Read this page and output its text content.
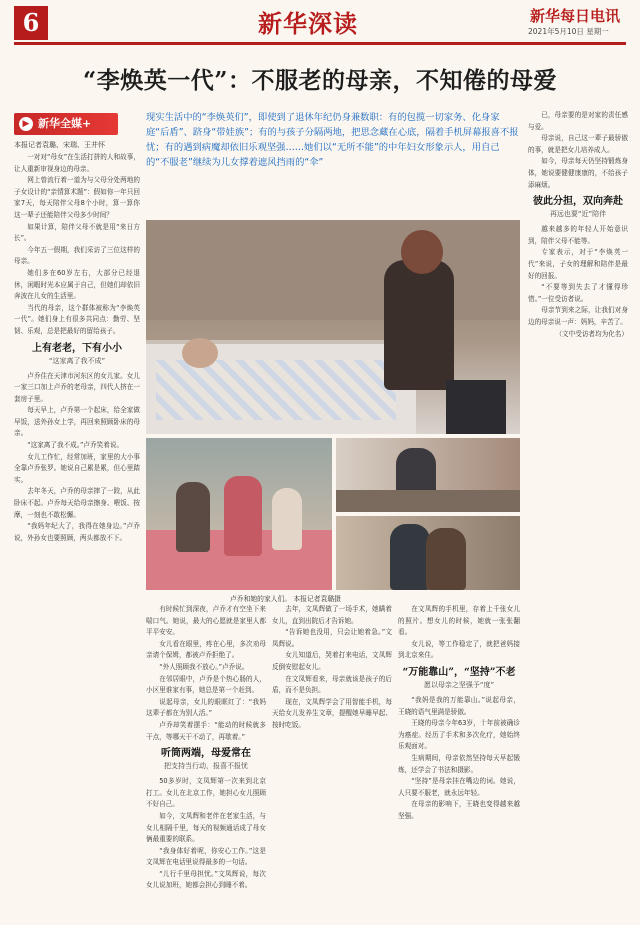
6	新华深读	新华每日电讯
2021年5月10日 星期一
“李焕英一代”：不服老的母亲，不知倦的母爱
▶ 新华全媒+
本报记者袁璐、宋瑞、王井怀
现实生活中的“李焕英们”，即使到了退休年纪仍身兼数职：有的包揽一切家务、化身家庭“后盾”、跻身“带娃族”；有的与孩子分隔两地，把思念藏在心底，隔着手机屏幕报喜不报忧；有的遇到病魔却依旧乐观坚强……她们以“无所不能”的中年妇女形象示人，用自己的“不服老”继续为儿女撑着遮风挡雨的“伞”
卢乔和她的家人们。 本报记者袁璐摄

一对对“母女”在生活打拼的人和故事，让人重新审视身边的母亲。

网上曾流行着一道为与父母分处两地的子女设计的“亲情算术题”：假如你一年只回家7天，每天陪伴父母8个小时，算一算你这一辈子还能陪伴父母多少时间？

如果计算，陪伴父母不就是用“来日方长”。

今年五一假期，我们采访了三位这样的母亲。

她们多在60岁左右，大部分已经退休，闲暇时光本应属于自己，但她们却依旧奔波在儿女的生活里。

当代的母亲，这个群体被称为“李焕英一代”。她们身上有很多共同点：勤劳、坚韧、乐观，总是把最好的留给孩子。

上有老老，下有小小

“这家离了我不成”

卢乔住在天津市河东区的女儿家。女儿一家三口加上卢乔的老母亲，四代人挤在一套房子里。

每天早上，卢乔第一个起床，给全家做早饭，送外孙女上学，再回来照顾卧床的母亲。

“这家离了我不成。”卢乔笑着说。

女儿工作忙，经常加班，家里的大小事全靠卢乔张罗。她说自己累是累，但心里踏实。

去年冬天，卢乔的母亲摔了一跤，从此卧床不起。卢乔每天给母亲擦身、喂饭、按摩，一刻也不敢松懈。

“我妈年纪大了，我得在她身边。”卢乔说，外孙女也要照顾，两头都放不下。

有时候忙到深夜，卢乔才有空坐下来喘口气。她说，最大的心愿就是家里人都平平安安。

女儿看在眼里，疼在心里，多次劝母亲请个保姆，都被卢乔拒绝了。

“外人照顾我不放心。”卢乔说。

在邻居眼中，卢乔是个热心肠的人，小区里谁家有事，她总是第一个赶到。

说起母亲，女儿的眼眶红了：“我妈这辈子都在为别人活。”

卢乔却笑着摆手：“能动的时候就多干点，等哪天干不动了，再歇着。”

听筒两端，母爱常在

把支持当行动，报喜不报忧

50多岁时，文凤辉第一次来到北京打工。女儿在北京工作，她担心女儿照顾不好自己。

如今，文凤辉和老伴在老家生活，与女儿相隔千里，每天的视频通话成了母女俩最重要的联系。

“我身体好着呢，你安心工作。”这是文凤辉在电话里说得最多的一句话。

“儿行千里母担忧。”文凤辉说，每次女儿说加班，她都会担心到睡不着。

去年，文凤辉做了一场手术，她瞒着女儿，直到出院后才告诉她。

“告诉她也没用，只会让她着急。”文凤辉说。

女儿知道后，哭着打来电话，文凤辉反倒安慰起女儿。

在文凤辉看来，母亲就该是孩子的后盾，而不是负担。

现在，文凤辉学会了用智能手机，每天给女儿发养生文章，提醒她早睡早起、按时吃饭。

在文凤辉的手机里，存着上千张女儿的照片。想女儿的时候，她就一张张翻看。

女儿说，等工作稳定了，就把爸妈接到北京来住。

“万能靠山”，“坚持”不老

愿以母亲之坚强予“度”

“我妈是我的万能靠山。”说起母亲，王晓的语气里满是骄傲。

王晓的母亲今年63岁，十年前被确诊为癌症。经历了手术和多次化疗，她始终乐观面对。

生病期间，母亲依然坚持每天早起锻炼，还学会了书法和摄影。

“坚持”是母亲挂在嘴边的词。她说，人只要不服老，就永远年轻。

在母亲的影响下，王晓也变得越来越坚强。

已，母亲要的是对家的责任感与爱。

母亲说，自己这一辈子最骄傲的事，就是把女儿培养成人。

如今，母亲每天仍坚持锻炼身体，她说要健健康康的，不给孩子添麻烦。

彼此分担，双向奔赴

再远也要“近”陪伴

越来越多的年轻人开始意识到，陪伴父母不能等。

专家表示，对于“李焕英一代”来说，子女的理解和陪伴是最好的回报。

“不要等到失去了才懂得珍惜。”一位受访者说。

母亲节到来之际，让我们对身边的母亲说一声：妈妈，辛苦了。

（文中受访者均为化名）
